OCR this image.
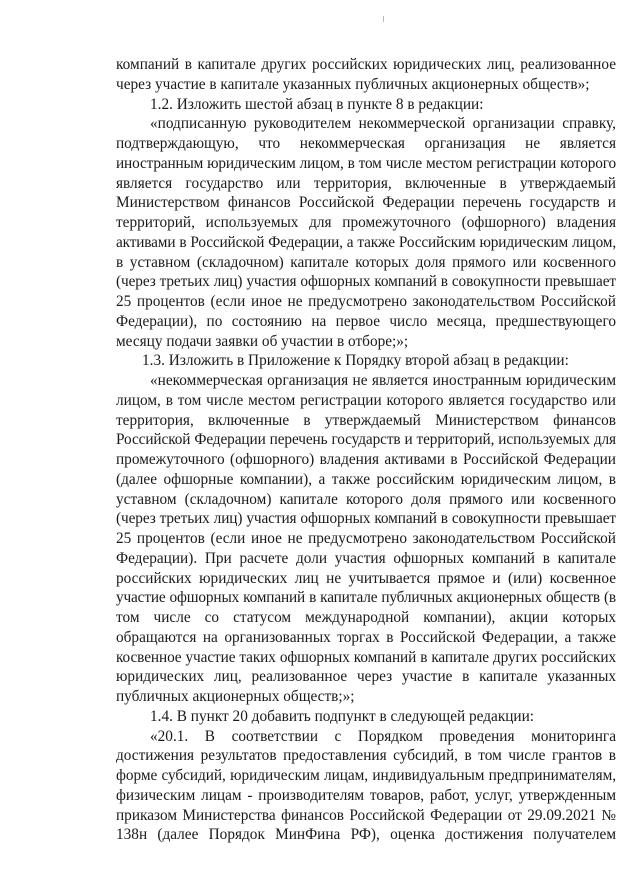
компаний в капитале других российских юридических лиц, реализованное
через участие в капитале указанных публичных акционерных обществ»;
1.2. Изложить шестой абзац в пункте 8 в редакции:
«подписанную руководителем некоммерческой организации справку,
подтверждающую, что некоммерческая организация не является
иностранным юридическим лицом, в том числе местом регистрации которого
является государство или территория, включенные в утверждаемый
Министерством финансов Российской Федерации перечень государств и
территорий, используемых для промежуточного (офшорного) владения
активами в Российской Федерации, а также Российским юридическим лицом,
в уставном (складочном) капитале которых доля прямого или косвенного
(через третьих лиц) участия офшорных компаний в совокупности превышает
25 процентов (если иное не предусмотрено законодательством Российской
Федерации), по состоянию на первое число месяца, предшествующего
месяцу подачи заявки об участии в отборе;»;
1.3. Изложить в Приложение к Порядку второй абзац в редакции:
«некоммерческая организация не является иностранным юридическим
лицом, в том числе местом регистрации которого является государство или
территория, включенные в утверждаемый Министерством финансов
Российской Федерации перечень государств и территорий, используемых для
промежуточного (офшорного) владения активами в Российской Федерации
(далее офшорные компании), а также российским юридическим лицом, в
уставном (складочном) капитале которого доля прямого или косвенного
(через третьих лиц) участия офшорных компаний в совокупности превышает
25 процентов (если иное не предусмотрено законодательством Российской
Федерации). При расчете доли участия офшорных компаний в капитале
российских юридических лиц не учитывается прямое и (или) косвенное
участие офшорных компаний в капитале публичных акционерных обществ (в
том числе со статусом международной компании), акции которых
обращаются на организованных торгах в Российской Федерации, а также
косвенное участие таких офшорных компаний в капитале других российских
юридических лиц, реализованное через участие в капитале указанных
публичных акционерных обществ;»;
1.4. В пункт 20 добавить подпункт в следующей редакции:
«20.1. В соответствии с Порядком проведения мониторинга
достижения результатов предоставления субсидий, в том числе грантов в
форме субсидий, юридическим лицам, индивидуальным предпринимателям,
физическим лицам - производителям товаров, работ, услуг, утвержденным
приказом Министерства финансов Российской Федерации от 29.09.2021 №
138н (далее Порядок МинФина РФ), оценка достижения получателем
